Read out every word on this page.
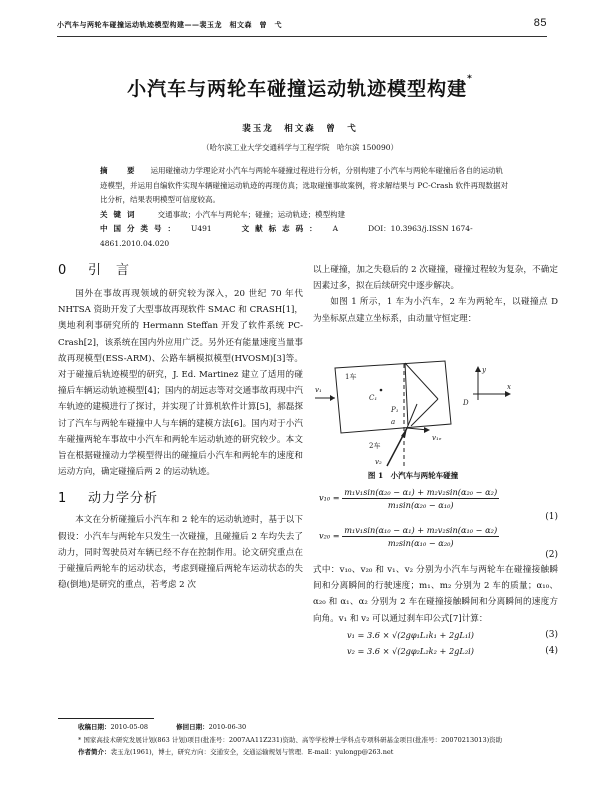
小汽车与两轮车碰撞运动轨迹模型构建——裴玉龙　相文森　曾　弋	85
小汽车与两轮车碰撞运动轨迹模型构建*
裴玉龙　相文森　曾　弋
（哈尔滨工业大学交通科学与工程学院　哈尔滨 150090）
摘　要 运用碰撞动力学理论对小汽车与两轮车碰撞过程进行分析，分别构建了小汽车与两轮车碰撞后各自的运动轨迹模型，并运用自编软件实现车辆碰撞运动轨迹的再现仿真；选取碰撞事故案例，将求解结果与 PC-Crash 软件再现数据对比分析，结果表明模型可信度较高。
关键词 交通事故；小汽车与两轮车；碰撞；运动轨迹；模型构建
中国分类号： U491	文献标志码： A	DOI：10.3963/j.ISSN 1674-4861.2010.04.020
0 引　言

国外在事故再现领域的研究较为深入，20 世纪 70 年代 NHTSA 资助开发了大型事故再现软件 SMAC 和 CRASH[1]，奥地利利事研究所的 Hermann Steffan 开发了软件系统 PC-Crash[2]，该系统在国内外应用广泛。另外还有能量速度当量事故再现模型(ESS-ARM)、公路车辆模拟模型(HVOSM)[3]等。对于碰撞后轨迹模型的研究，J. Ed. Martinez 建立了适用的碰撞后车辆运动轨迹模型[4]；国内的胡远志等对交通事故再现中汽车轨迹的建模进行了探讨，并实现了计算机软件计算[5]，郝磊探讨了汽车与两轮车碰撞中人与车辆的建模方法[6]。国内对于小汽车碰撞两轮车事故中小汽车和两轮车运动轨迹的研究较少。本文旨在根据碰撞动力学模型得出的碰撞后小汽车和两轮车的速度和运动方向，确定碰撞后两 2 的运动轨迹。

1 动力学分析

本文在分析碰撞后小汽车和 2 轮车的运动轨迹时，基于以下假设：小汽车与两轮车只发生一次碰撞，且碰撞后 2 车均失去了动力，同时驾驶员对车辆已经不存在控制作用。论文研究重点在于碰撞后两轮车的运动状态，考虑到碰撞后两轮车运动状态的失稳(倒地)是研究的重点，若考虑 2 次

收稿日期：2010-05-08	修回日期：2010-06-30
* 国家高技术研究发展计划(863 计划)项目(批准号：2007AA11Z231)资助、高等学校博士学科点专项科研基金项目(批准号：20070213013)资助
作者简介：裴玉龙(1961)，博士，研究方向：交通安全，交通运输规划与管理．E-mail：yulongp@263.net

以上碰撞，加之失稳后的 2 次碰撞，碰撞过程较为复杂，不确定因素过多，拟在后续研究中逐步解决。

如图 1 所示，1 车为小汽车，2 车为两轮车，以碰撞点 D 为坐标原点建立坐标系，由动量守恒定理：

1车
v₁
C₁
P₁
a
v₁ₑ
2车
v₂
D
x
y
图 1　小汽车与两轮车碰撞
$v_{10} = \frac{\text{m₁v₁sin(α₂₀ − α₁) + m₂v₂sin(α₂₀ − α₂)}}{\text{m₁sin(α₂₀ − α₁₀)}}$
(1)
$v_{20} = \frac{\text{m₁v₁sin(α₁₀ − α₁) + m₂v₂sin(α₁₀ − α₂)}}{\text{m₂sin(α₁₀ − α₂₀)}}$
(2)

式中：v₁₀、v₂₀ 和 v₁、v₂ 分别为小汽车与两轮车在碰撞接触瞬间和分离瞬间的行驶速度；m₁、m₂ 分别为 2 车的质量；α₁₀、α₂₀ 和 α₁、α₂ 分别为 2 车在碰撞接触瞬间和分离瞬间的速度方向角。v₁ 和 v₂ 可以通过刹车印公式[7]计算：

v₁ = 3.6 × √(2gφ₁L₁k₁ + 2gL₁i)	(3)
v₂ = 3.6 × √(2gφ₂L₂k₂ + 2gL₂i)	(4)
